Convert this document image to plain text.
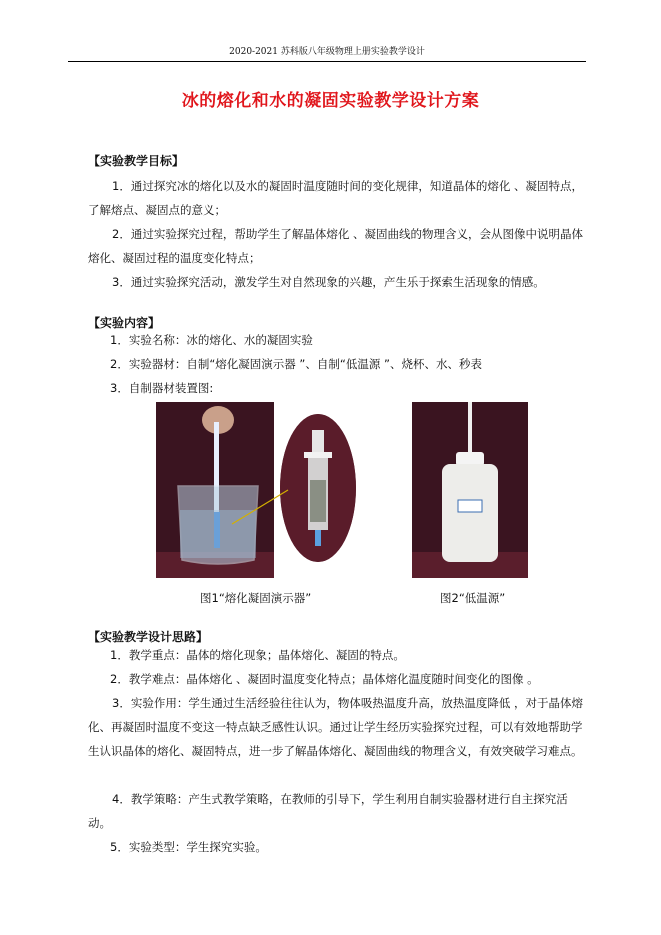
2020-2021 苏科版八年级物理上册实验教学设计
冰的熔化和水的凝固实验教学设计方案
【实验教学目标】
1．通过探究冰的熔化以及水的凝固时温度随时间的变化规律，知道晶体的熔化 、凝固特点，了解熔点、凝固点的意义；
2．通过实验探究过程，帮助学生了解晶体熔化 、凝固曲线的物理含义，会从图像中说明晶体熔化、凝固过程的温度变化特点；
3．通过实验探究活动，激发学生对自然现象的兴趣，产生乐于探索生活现象的情感。
【实验内容】
1．实验名称：冰的熔化、水的凝固实验
2．实验器材：自制“熔化凝固演示器 ”、自制“低温源 ”、烧杯、水、秒表
3．自制器材装置图:
图1“熔化凝固演示器”	图2“低温源”
【实验教学设计思路】
1．教学重点：晶体的熔化现象；晶体熔化、凝固的特点。
2．教学难点：晶体熔化 、凝固时温度变化特点；晶体熔化温度随时间变化的图像 。
3．实验作用：学生通过生活经验往往认为，物体吸热温度升高，放热温度降低 ，对于晶体熔化、再凝固时温度不变这一特点缺乏感性认识。通过让学生经历实验探究过程，可以有效地帮助学生认识晶体的熔化、凝固特点，进一步了解晶体熔化、凝固曲线的物理含义，有效突破学习难点。
4．教学策略：产生式教学策略，在教师的引导下，学生利用自制实验器材进行自主探究活动。
5．实验类型：学生探究实验。
